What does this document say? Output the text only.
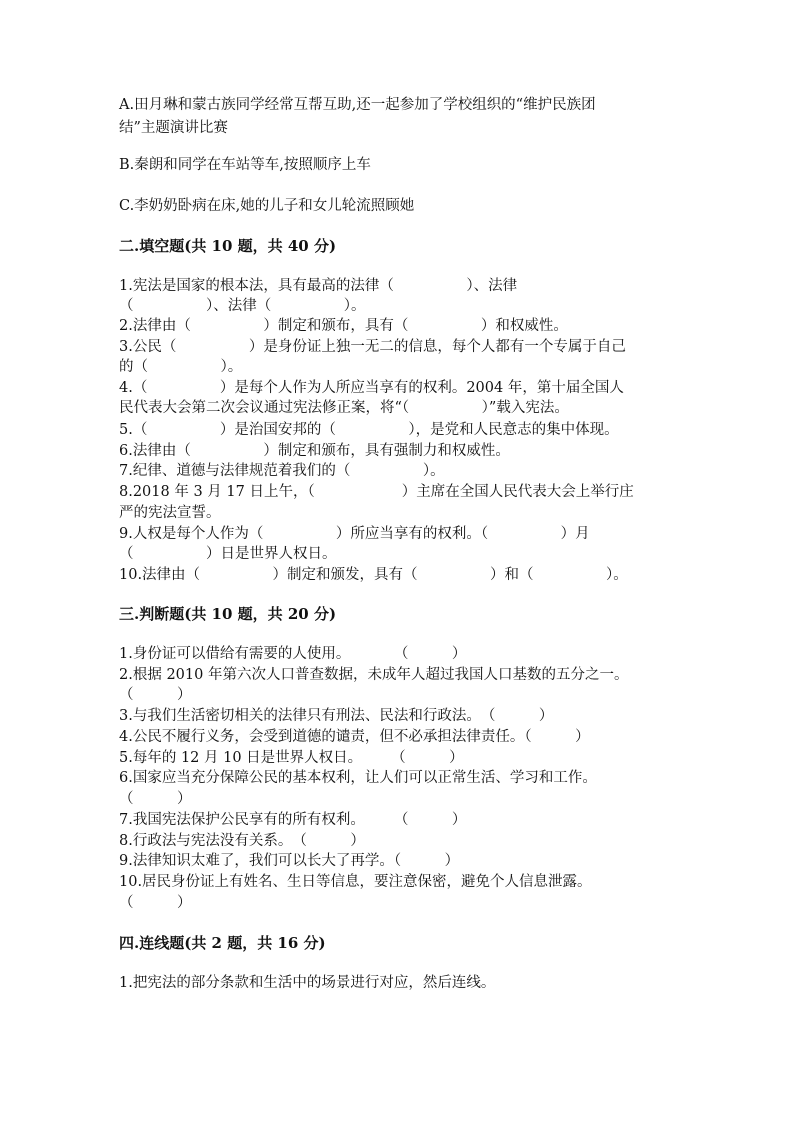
A.田月琳和蒙古族同学经常互帮互助,还一起参加了学校组织的“维护民族团

结”主题演讲比赛

B.秦朗和同学在车站等车,按照顺序上车

C.李奶奶卧病在床,她的儿子和女儿轮流照顾她

二.填空题(共 10 题，共 40 分)

1.宪法是国家的根本法，具有最高的法律（　　　　　）、法律

（　　　　　）、法律（　　　　　）。

2.法律由（　　　　　）制定和颁布，具有（　　　　　）和权威性。

3.公民（　　　　　）是身份证上独一无二的信息，每个人都有一个专属于自己

的（　　　　　）。

4.（　　　　　）是每个人作为人所应当享有的权利。2004 年，第十届全国人

民代表大会第二次会议通过宪法修正案，将“（　　　　　）”载入宪法。

5.（　　　　　）是治国安邦的（　　　　　），是党和人民意志的集中体现。

6.法律由（　　　　　）制定和颁布，具有强制力和权威性。

7.纪律、道德与法律规范着我们的（　　　　　）。

8.2018 年 3 月 17 日上午，（　　　　　　）主席在全国人民代表大会上举行庄

严的宪法宣誓。

9.人权是每个人作为（　　　　　）所应当享有的权利。（　　　　　）月

（　　　　　）日是世界人权日。

10.法律由（　　　　　）制定和颁发，具有（　　　　　）和（　　　　　）。

三.判断题(共 10 题，共 20 分)

1.身份证可以借给有需要的人使用。　　　　（　　　）

2.根据 2010 年第六次人口普查数据，未成年人超过我国人口基数的五分之一。

（　　　）

3.与我们生活密切相关的法律只有刑法、民法和行政法。　（　　　）

4.公民不履行义务，会受到道德的谴责，但不必承担法律责任。（　　　）

5.每年的 12 月 10 日是世界人权日。　　　（　　　）

6.国家应当充分保障公民的基本权利，让人们可以正常生活、学习和工作。

（　　　）

7.我国宪法保护公民享有的所有权利。　　　（　　　）

8.行政法与宪法没有关系。　（　　　）

9.法律知识太难了，我们可以长大了再学。（　　　）

10.居民身份证上有姓名、生日等信息，要注意保密，避免个人信息泄露。

（　　　）

四.连线题(共 2 题，共 16 分)

1.把宪法的部分条款和生活中的场景进行对应，然后连线。
